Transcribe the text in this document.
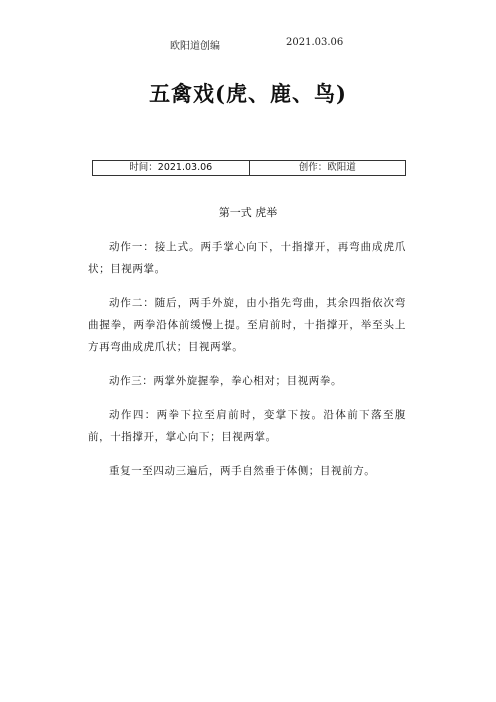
欧阳道创编	2021.03.06
五禽戏(虎、鹿、鸟)
时间：2021.03.06	创作：欧阳道
第一式 虎举

动作一：接上式。两手掌心向下，十指撑开，再弯曲成虎爪状；目视两掌。

动作二：随后，两手外旋，由小指先弯曲，其余四指依次弯曲握拳，两拳沿体前缓慢上提。至肩前时，十指撑开，举至头上方再弯曲成虎爪状；目视两掌。

动作三：两掌外旋握拳，拳心相对；目视两拳。

动作四：两拳下拉至肩前时，变掌下按。沿体前下落至腹前，十指撑开，掌心向下；目视两掌。

重复一至四动三遍后，两手自然垂于体侧；目视前方。
